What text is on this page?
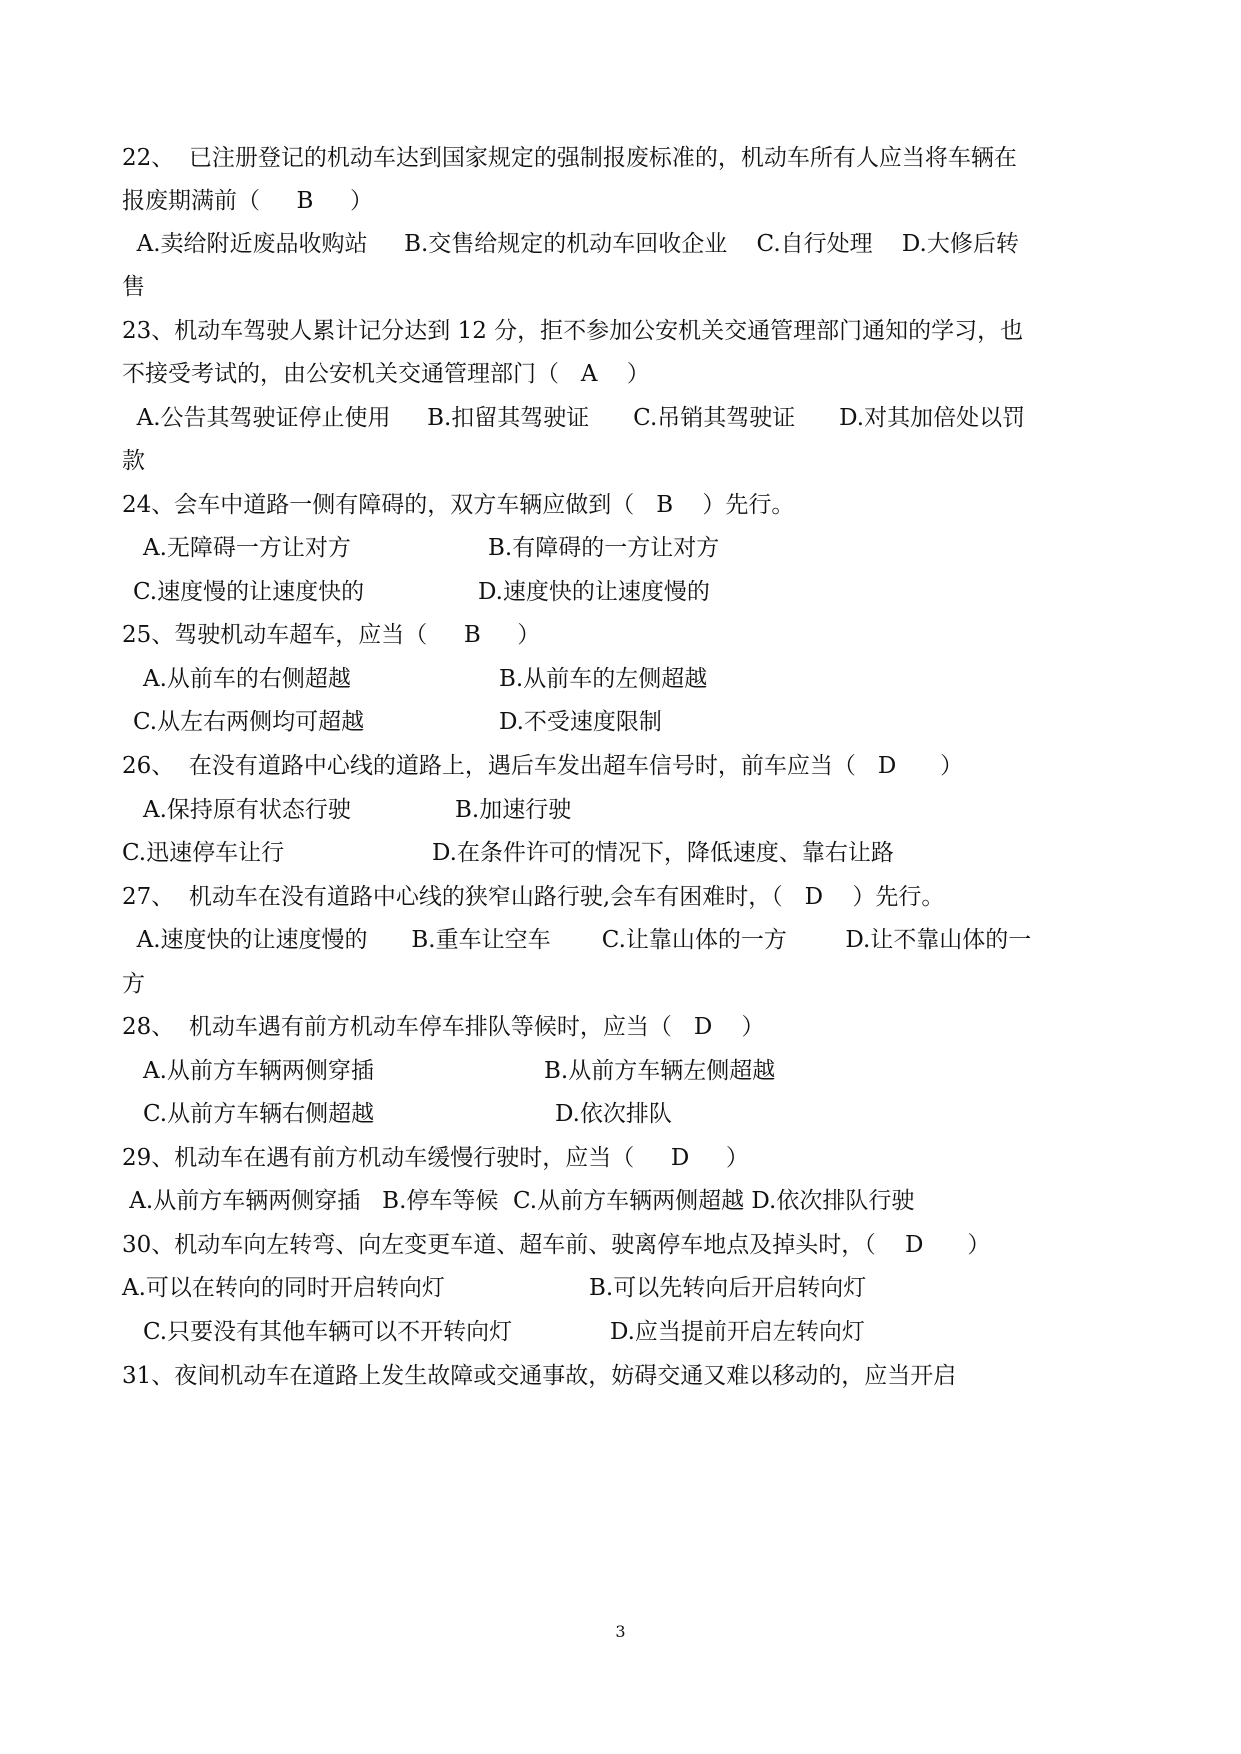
22、  已注册登记的机动车达到国家规定的强制报废标准的，机动车所有人应当将车辆在
报废期满前（     B     ）
A.卖给附近废品收购站     B.交售给规定的机动车回收企业    C.自行处理    D.大修后转
售
23、机动车驾驶人累计记分达到 12 分，拒不参加公安机关交通管理部门通知的学习，也
不接受考试的，由公安机关交通管理部门（   A    ）
A.公告其驾驶证停止使用     B.扣留其驾驶证      C.吊销其驾驶证      D.对其加倍处以罚
款
24、会车中道路一侧有障碍的，双方车辆应做到（   B    ）先行。
A.无障碍一方让对方	B.有障碍的一方让对方
C.速度慢的让速度快的	D.速度快的让速度慢的
25、驾驶机动车超车，应当（     B     ）
A.从前车的右侧超越	B.从前车的左侧超越
C.从左右两侧均可超越	D.不受速度限制
26、  在没有道路中心线的道路上，遇后车发出超车信号时，前车应当（   D      ）
A.保持原有状态行驶	B.加速行驶
C.迅速停车让行	D.在条件许可的情况下，降低速度、靠右让路
27、  机动车在没有道路中心线的狭窄山路行驶,会车有困难时，（   D    ）先行。
A.速度快的让速度慢的      B.重车让空车       C.让靠山体的一方        D.让不靠山体的一
方
28、  机动车遇有前方机动车停车排队等候时，应当（   D    ）
A.从前方车辆两侧穿插	B.从前方车辆左侧超越
C.从前方车辆右侧超越	D.依次排队
29、机动车在遇有前方机动车缓慢行驶时，应当（     D     ）
A.从前方车辆两侧穿插   B.停车等候  C.从前方车辆两侧超越 D.依次排队行驶
30、机动车向左转弯、向左变更车道、超车前、驶离停车地点及掉头时，（    D      ）
A.可以在转向的同时开启转向灯	B.可以先转向后开启转向灯
C.只要没有其他车辆可以不开转向灯	D.应当提前开启左转向灯
31、夜间机动车在道路上发生故障或交通事故，妨碍交通又难以移动的，应当开启
3
